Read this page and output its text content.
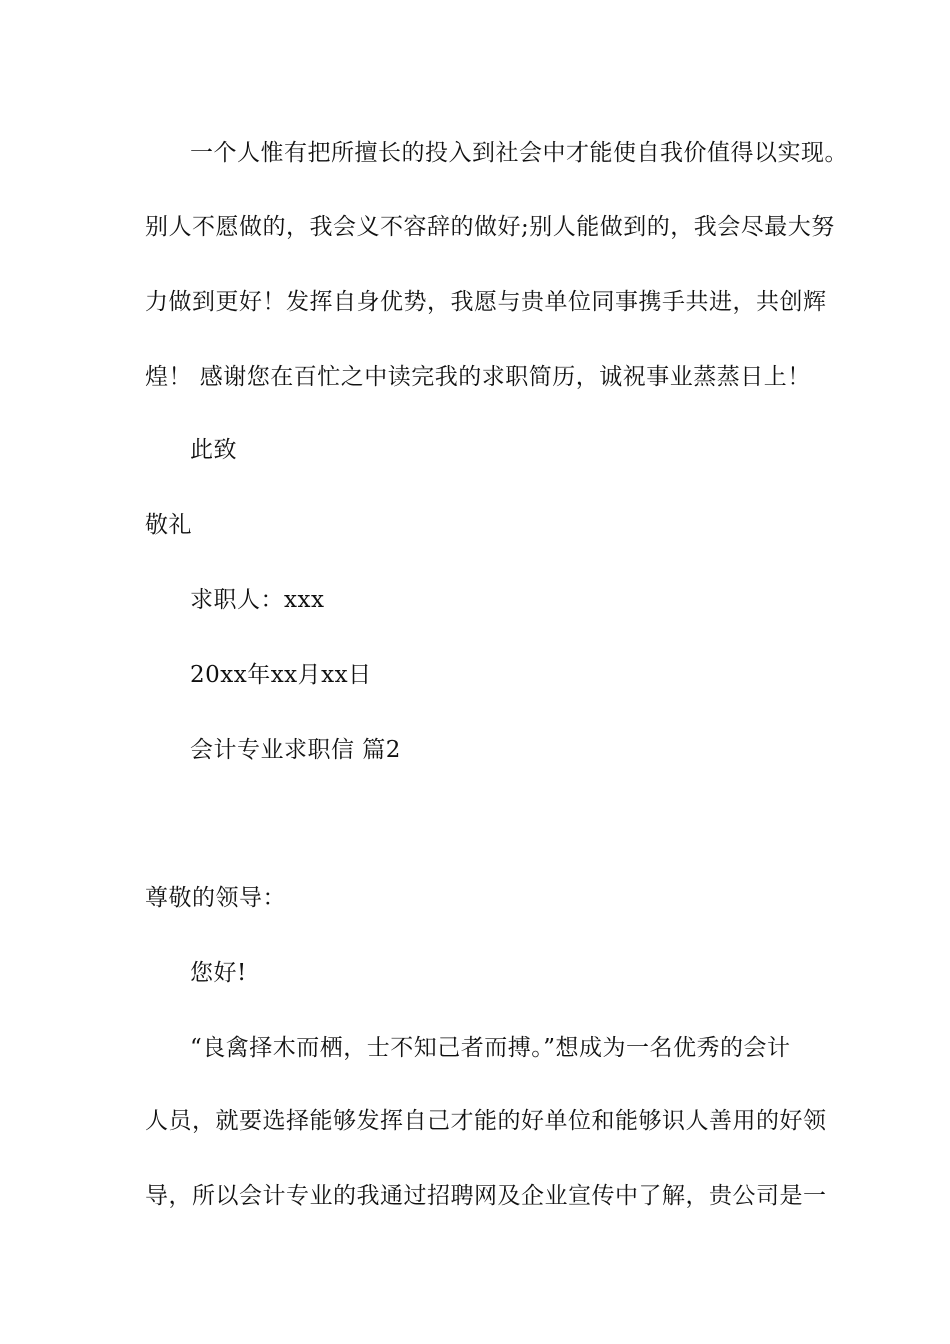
一个人惟有把所擅长的投入到社会中才能使自我价值得以实现。
别人不愿做的，我会义不容辞的做好;别人能做到的，我会尽最大努
力做到更好！发挥自身优势，我愿与贵单位同事携手共进，共创辉
煌！ 感谢您在百忙之中读完我的求职简历，诚祝事业蒸蒸日上！
此致
敬礼
求职人：xxx
20xx年xx月xx日
会计专业求职信 篇2
尊敬的领导：
您好!
“良禽择木而栖，士不知己者而搏。”想成为一名优秀的会计
人员，就要选择能够发挥自己才能的好单位和能够识人善用的好领
导，所以会计专业的我通过招聘网及企业宣传中了解，贵公司是一
